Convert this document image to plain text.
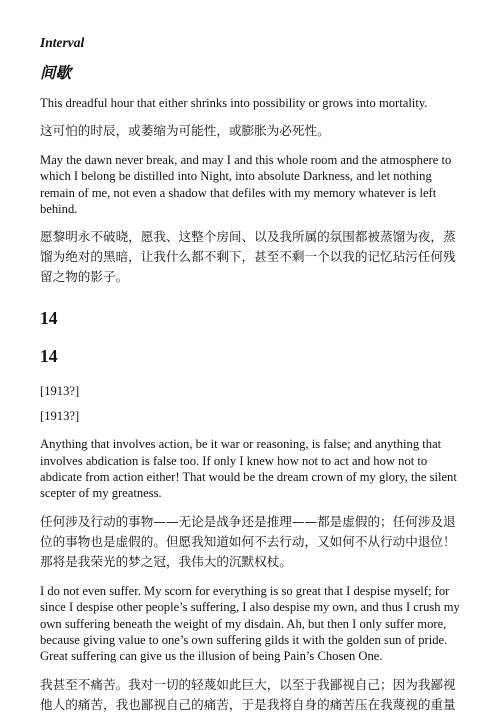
Interval

间歇

This dreadful hour that either shrinks into possibility or grows into mortality.

这可怕的时辰，或萎缩为可能性，或膨胀为必死性。

May the dawn never break, and may I and this whole room and the atmosphere to which I belong be distilled into Night, into absolute Darkness, and let nothing remain of me, not even a shadow that defiles with my memory whatever is left behind.

愿黎明永不破晓，愿我、这整个房间、以及我所属的氛围都被蒸馏为夜，蒸馏为绝对的黑暗，让我什么都不剩下，甚至不剩一个以我的记忆玷污任何残留之物的影子。

14

14

[1913?]

[1913?]

Anything that involves action, be it war or reasoning, is false; and anything that involves abdication is false too. If only I knew how not to act and how not to abdicate from action either! That would be the dream crown of my glory, the silent scepter of my greatness.

任何涉及行动的事物——无论是战争还是推理——都是虚假的；任何涉及退位的事物也是虚假的。但愿我知道如何不去行动，又如何不从行动中退位！那将是我荣光的梦之冠，我伟大的沉默权杖。

I do not even suffer. My scorn for everything is so great that I despise myself; for since I despise other people’s suffering, I also despise my own, and thus I crush my own suffering beneath the weight of my disdain. Ah, but then I only suffer more, because giving value to one’s own suffering gilds it with the golden sun of pride. Great suffering can give us the illusion of being Pain’s Chosen One.

我甚至不痛苦。我对一切的轻蔑如此巨大，以至于我鄙视自己；因为我鄙视他人的痛苦，我也鄙视自己的痛苦，于是我将自身的痛苦压在我蔑视的重量
